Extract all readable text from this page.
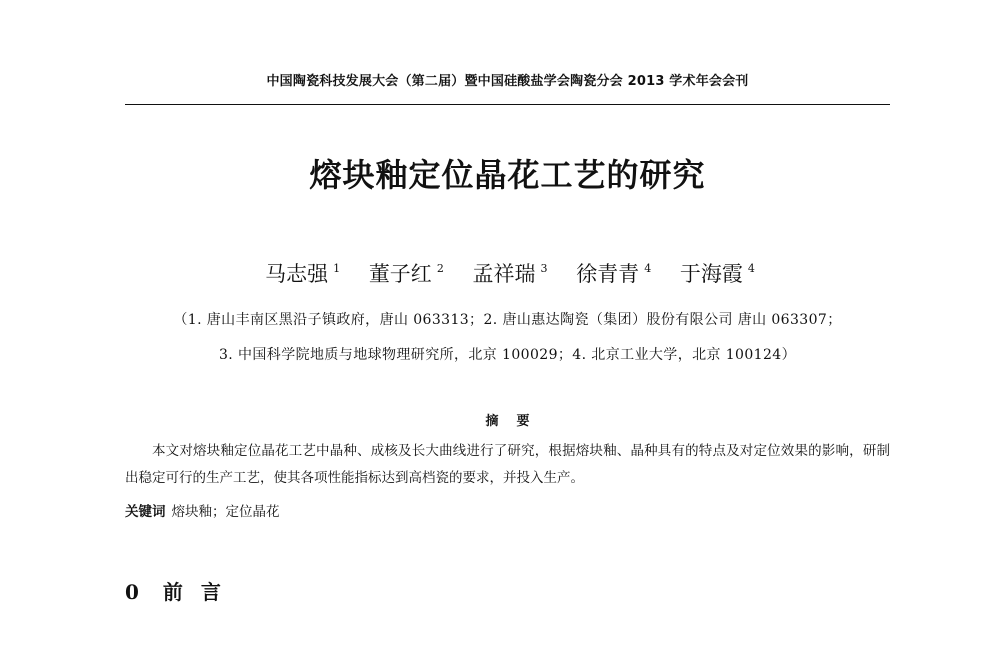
中国陶瓷科技发展大会（第二届）暨中国硅酸盐学会陶瓷分会 2013 学术年会会刊
熔块釉定位晶花工艺的研究
马志强 $^1$ 董子红 $^2$ 孟祥瑞 $^3$ 徐青青 $^4$ 于海霞 $^4$
（1. 唐山丰南区黑沿子镇政府，唐山 063313；2. 唐山惠达陶瓷（集团）股份有限公司 唐山 063307；
3. 中国科学院地质与地球物理研究所，北京 100029；4. 北京工业大学，北京 100124）
摘要
本文对熔块釉定位晶花工艺中晶种、成核及长大曲线进行了研究，根据熔块釉、晶种具有的特点及对定位效果的影响，研制出稳定可行的生产工艺，使其各项性能指标达到高档瓷的要求，并投入生产。
关键词 熔块釉；定位晶花
0 前言
